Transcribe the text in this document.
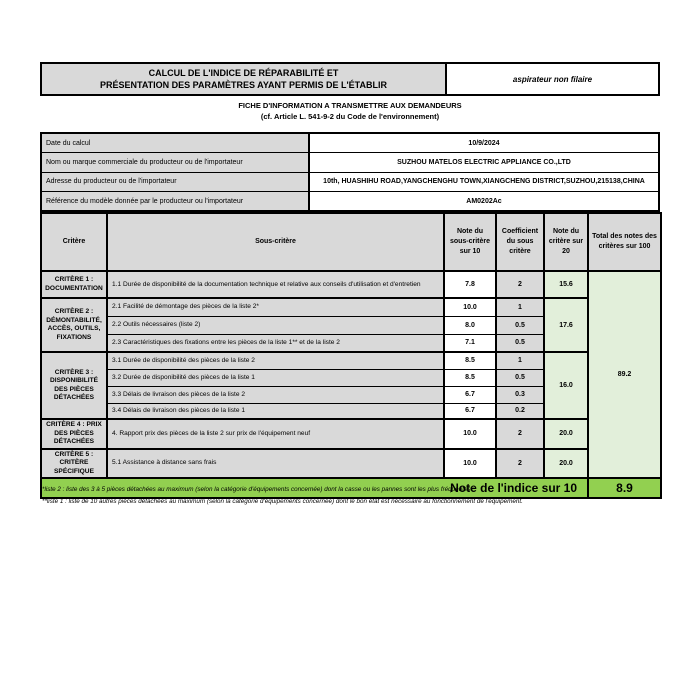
CALCUL DE L'INDICE DE RÉPARABILITÉ ET
PRÉSENTATION DES PARAMÈTRES AYANT PERMIS DE L'ÉTABLIR
aspirateur non filaire
FICHE D'INFORMATION A TRANSMETTRE AUX DEMANDEURS
(cf. Article L. 541-9-2 du Code de l'environnement)
Date du calcul	10/9/2024
Nom ou marque commerciale du producteur ou de l'importateur	SUZHOU MATELOS ELECTRIC APPLIANCE CO.,LTD
Adresse du producteur ou de l'importateur	10th, HUASHIHU ROAD,YANGCHENGHU TOWN,XIANGCHENG DISTRICT,SUZHOU,215138,CHINA
Référence du modèle donnée par le producteur ou l'importateur	AM0202Ac
Critère	Sous-critère	Note du sous-critère sur 10	Coefficient du sous critère	Note du critère sur 20	Total des notes des critères sur 100
CRITÈRE 1 : DOCUMENTATION	1.1 Durée de disponibilité de la documentation technique et relative aux conseils d'utilisation et d'entretien	7.8	2	15.6	89.2
CRITÈRE 2 : DÉMONTABILITÉ, ACCÈS, OUTILS, FIXATIONS	2.1 Facilité de démontage des pièces de la liste 2*	10.0	1	17.6	
	2.2 Outils nécessaires (liste 2)	8.0	0.5		
	2.3 Caractéristiques des fixations entre les pièces de la liste 1** et de la liste 2	7.1	0.5		
CRITÈRE 3 : DISPONIBILITÉ DES PIÈCES DÉTACHÉES	3.1 Durée de disponibilité des pièces de la liste 2	8.5	1	16.0	
	3.2 Durée de disponibilité des pièces de la liste 1	8.5	0.5		
	3.3 Délais de livraison des pièces de la liste 2	6.7	0.3		
	3.4 Délais de livraison des pièces de la liste 1	6.7	0.2		
CRITÈRE 4 : PRIX DES PIÈCES DÉTACHÉES	4. Rapport prix des pièces de la liste 2 sur prix de l'équipement neuf	10.0	2	20.0	
CRITÈRE 5 : CRITÈRE SPÉCIFIQUE	5.1 Assistance à distance sans frais	10.0	2	20.0	
Note de l'indice sur 10					8.9
*liste 2 : liste des 3 à 5 pièces détachées au maximum (selon la catégorie d'équipements concernée) dont la casse ou les pannes sont les plus fréquentes ;
**liste 1 : liste de 10 autres pièces détachées au maximum (selon la catégorie d'équipements concernée) dont le bon état est nécessaire au fonctionnement de l'équipement.
